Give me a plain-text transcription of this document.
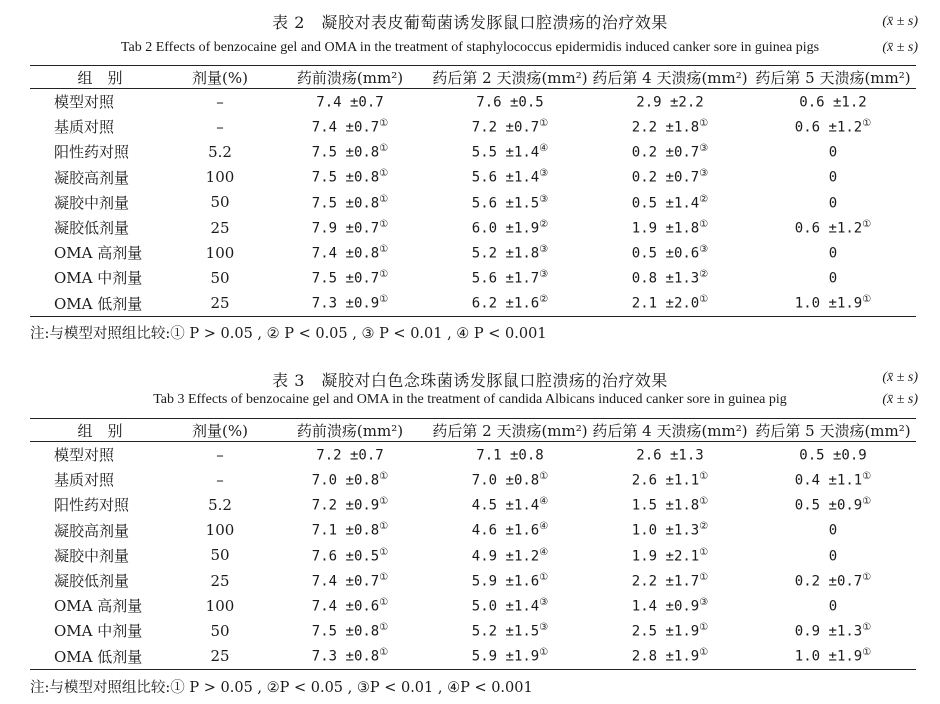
表 2　凝胶对表皮葡萄菌诱发豚鼠口腔溃疡的治疗效果	(x̄ ± s)
Tab 2 Effects of benzocaine gel and OMA in the treatment of staphylococcus epidermidis induced canker sore in guinea pigs	(x̄ ± s)
组　别	剂量(%)	药前溃疡(mm²)	药后第 2 天溃疡(mm²)	药后第 4 天溃疡(mm²)	药后第 5 天溃疡(mm²)
模型对照	–	7.4 ±0.7	7.6 ±0.5	2.9 ±2.2	0.6 ±1.2
基质对照	–	7.4 ±0.7①	7.2 ±0.7①	2.2 ±1.8①	0.6 ±1.2①
阳性药对照	5.2	7.5 ±0.8①	5.5 ±1.4④	0.2 ±0.7③	0
凝胶高剂量	100	7.5 ±0.8①	5.6 ±1.4③	0.2 ±0.7③	0
凝胶中剂量	50	7.5 ±0.8①	5.6 ±1.5③	0.5 ±1.4②	0
凝胶低剂量	25	7.9 ±0.7①	6.0 ±1.9②	1.9 ±1.8①	0.6 ±1.2①
OMA 高剂量	100	7.4 ±0.8①	5.2 ±1.8③	0.5 ±0.6③	0
OMA 中剂量	50	7.5 ±0.7①	5.6 ±1.7③	0.8 ±1.3②	0
OMA 低剂量	25	7.3 ±0.9①	6.2 ±1.6②	2.1 ±2.0①	1.0 ±1.9①
注:与模型对照组比较:① P > 0.05 , ② P < 0.05 , ③ P < 0.01 , ④ P < 0.001
表 3　凝胶对白色念珠菌诱发豚鼠口腔溃疡的治疗效果	(x̄ ± s)
Tab 3 Effects of benzocaine gel and OMA in the treatment of candida Albicans induced canker sore in guinea pig	(x̄ ± s)
组　别	剂量(%)	药前溃疡(mm²)	药后第 2 天溃疡(mm²)	药后第 4 天溃疡(mm²)	药后第 5 天溃疡(mm²)
模型对照	–	7.2 ±0.7	7.1 ±0.8	2.6 ±1.3	0.5 ±0.9
基质对照	–	7.0 ±0.8①	7.0 ±0.8①	2.6 ±1.1①	0.4 ±1.1①
阳性药对照	5.2	7.2 ±0.9①	4.5 ±1.4④	1.5 ±1.8①	0.5 ±0.9①
凝胶高剂量	100	7.1 ±0.8①	4.6 ±1.6④	1.0 ±1.3②	0
凝胶中剂量	50	7.6 ±0.5①	4.9 ±1.2④	1.9 ±2.1①	0
凝胶低剂量	25	7.4 ±0.7①	5.9 ±1.6①	2.2 ±1.7①	0.2 ±0.7①
OMA 高剂量	100	7.4 ±0.6①	5.0 ±1.4③	1.4 ±0.9③	0
OMA 中剂量	50	7.5 ±0.8①	5.2 ±1.5③	2.5 ±1.9①	0.9 ±1.3①
OMA 低剂量	25	7.3 ±0.8①	5.9 ±1.9①	2.8 ±1.9①	1.0 ±1.9①
注:与模型对照组比较:① P > 0.05 , ②P < 0.05 , ③P < 0.01 , ④P < 0.001
